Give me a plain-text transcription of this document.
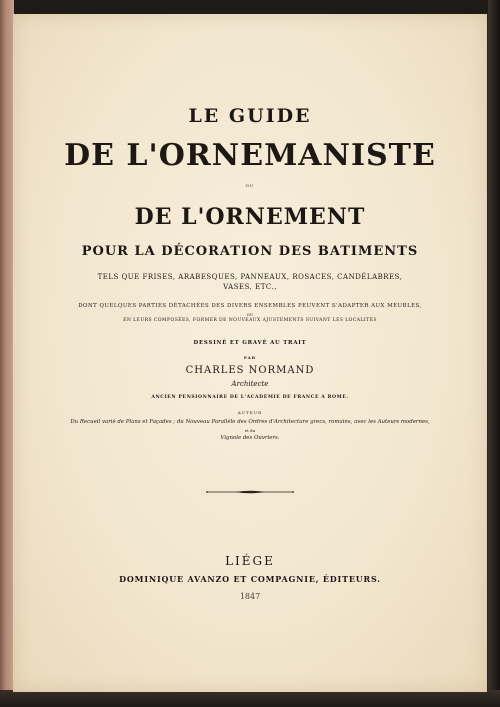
LE GUIDE
DE L'ORNEMANISTE
OU
DE L'ORNEMENT
POUR LA DÉCORATION DES BATIMENTS
TELS QUE FRISES, ARABESQUES, PANNEAUX, ROSACES, CANDÉLABRES,
VASES, ETC.,
DONT QUELQUES PARTIES DÉTACHÉES DES DIVERS ENSEMBLES PEUVENT S'ADAPTER AUX MEUBLES,
OU
EN LEURS COMPOSÉES, FORMER DE NOUVEAUX AJUSTEMENTS SUIVANT LES LOCALITÉS
DESSINÉ ET GRAVÉ AU TRAIT
PAR
CHARLES NORMAND
Architecte
ANCIEN PENSIONNAIRE DE L'ACADÉMIE DE FRANCE A ROME.
AUTEUR
Du Recueil varié de Plans et Façades ; du Nouveau Parallèle des Ordres d'Architecture grecs, romains, avec les Auteurs modernes,
et du
Vignole des Ouvriers.
LIÉGE
DOMINIQUE AVANZO ET COMPAGNIE, ÉDITEURS.
1847
